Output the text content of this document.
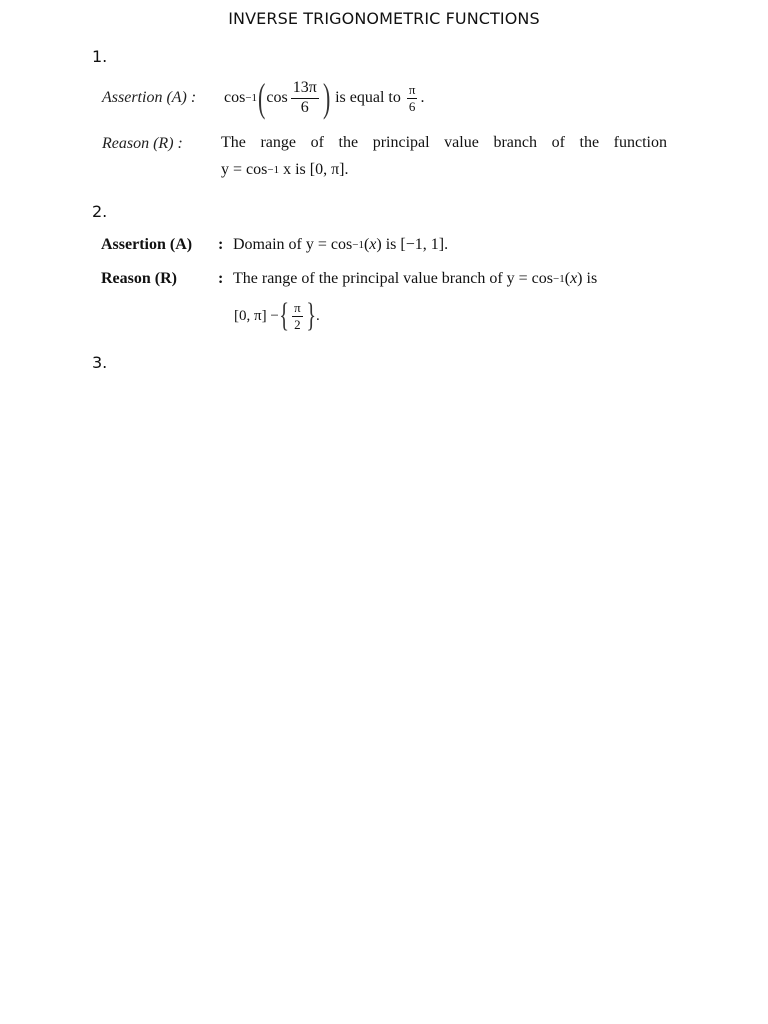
INVERSE TRIGONOMETRIC FUNCTIONS
1.
Assertion (A) : cos −1 ( $\cos \frac{13\pi}{6}$ ) is equal to $\frac{\pi}{6}$ .
Reason (R) : The range of the principal value branch of the function
y = cos −1 x is [0, π].
2.
Assertion (A) : Domain of y = cos −1 ( x ) is [−1, 1].
Reason (R)	: The range of the principal value branch of y = cos −1 ( x ) is
[0, π] − { $\frac{\pi}{2}$ } .
3.
